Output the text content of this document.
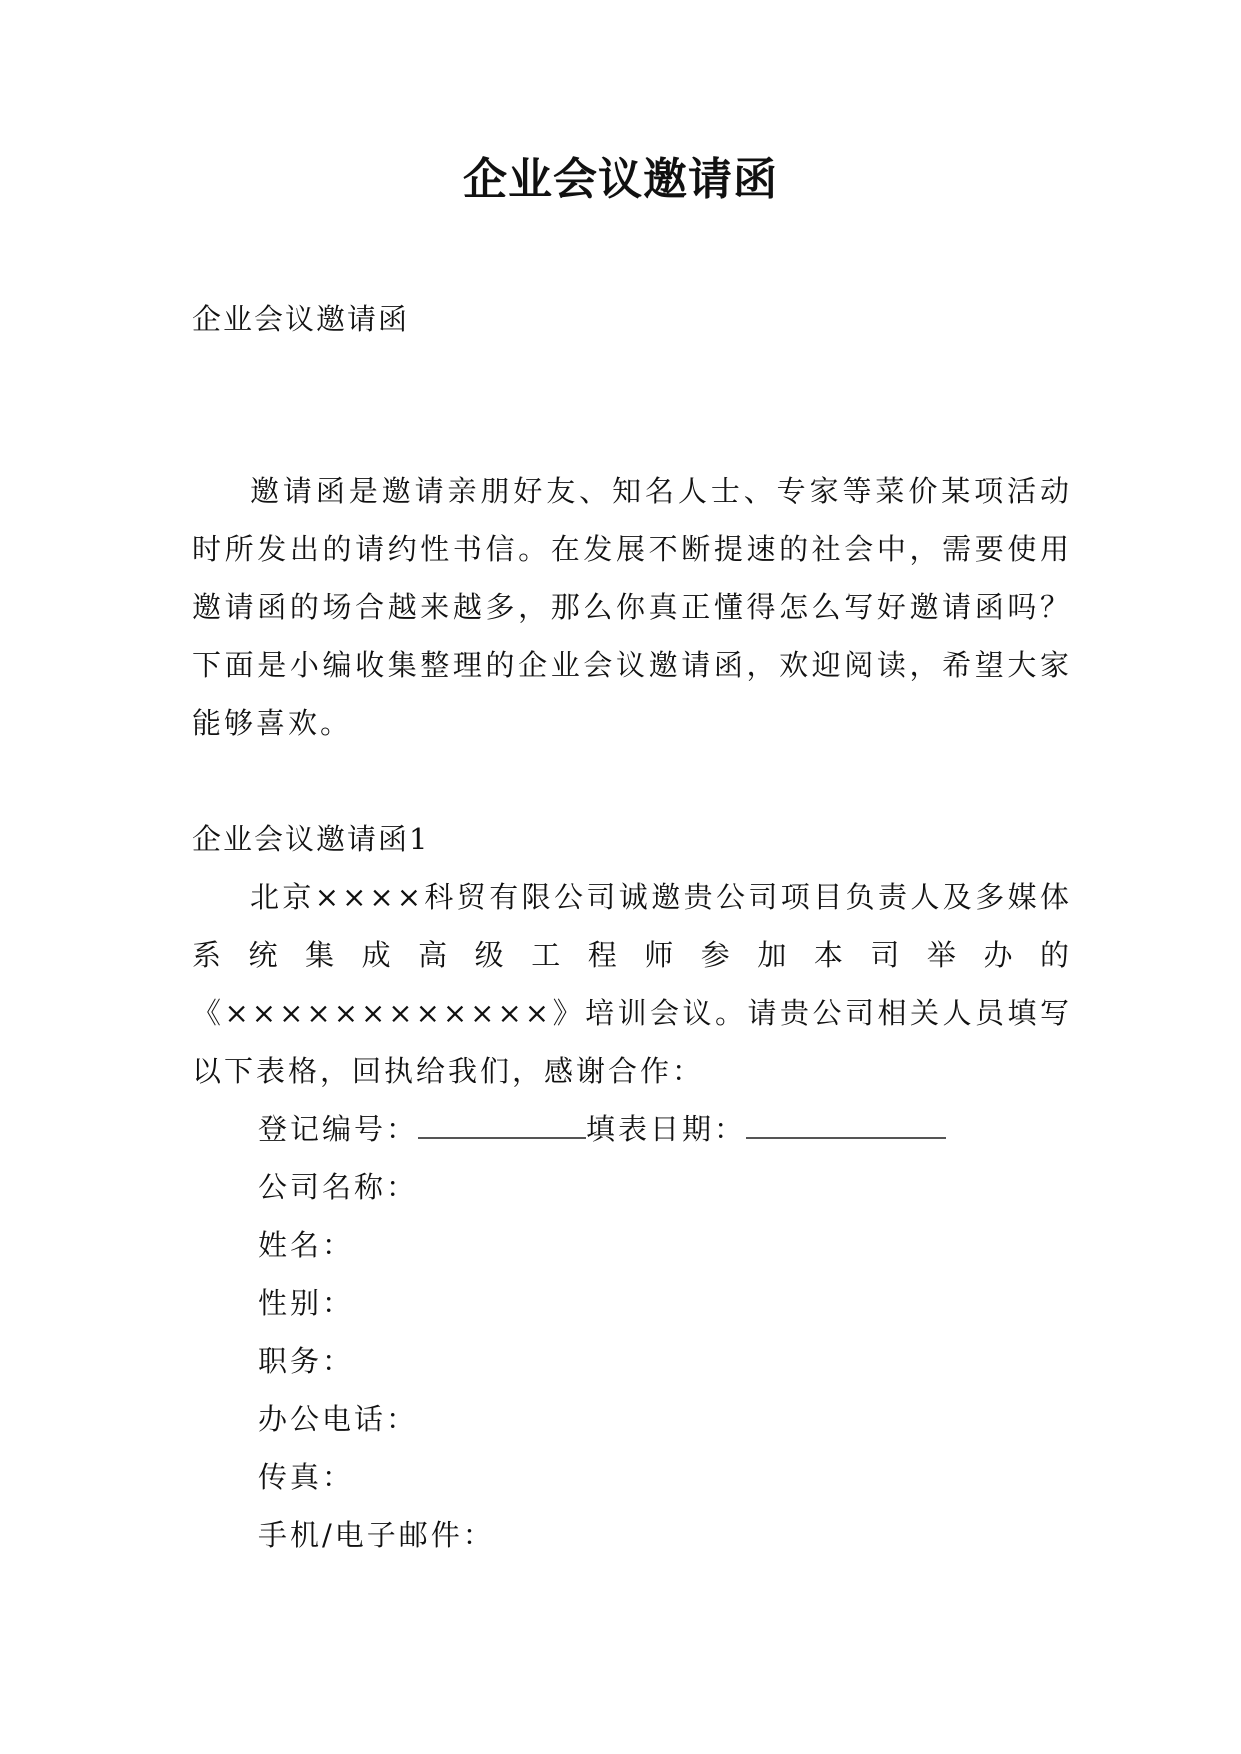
企业会议邀请函

企业会议邀请函

邀请函是邀请亲朋好友、知名人士、专家等菜价某项活动时所发出的请约性书信。在发展不断提速的社会中，需要使用邀请函的场合越来越多，那么你真正懂得怎么写好邀请函吗？下面是小编收集整理的企业会议邀请函，欢迎阅读，希望大家能够喜欢。

企业会议邀请函1

北京××××科贸有限公司诚邀贵公司项目负责人及多媒体系统集成高级工程师参加本司举办的《××××××××××××》培训会议。请贵公司相关人员填写以下表格，回执给我们，感谢合作：

登记编号：	填表日期：
公司名称：
姓名：
性别：
职务：
办公电话：
传真：
手机/电子邮件：
